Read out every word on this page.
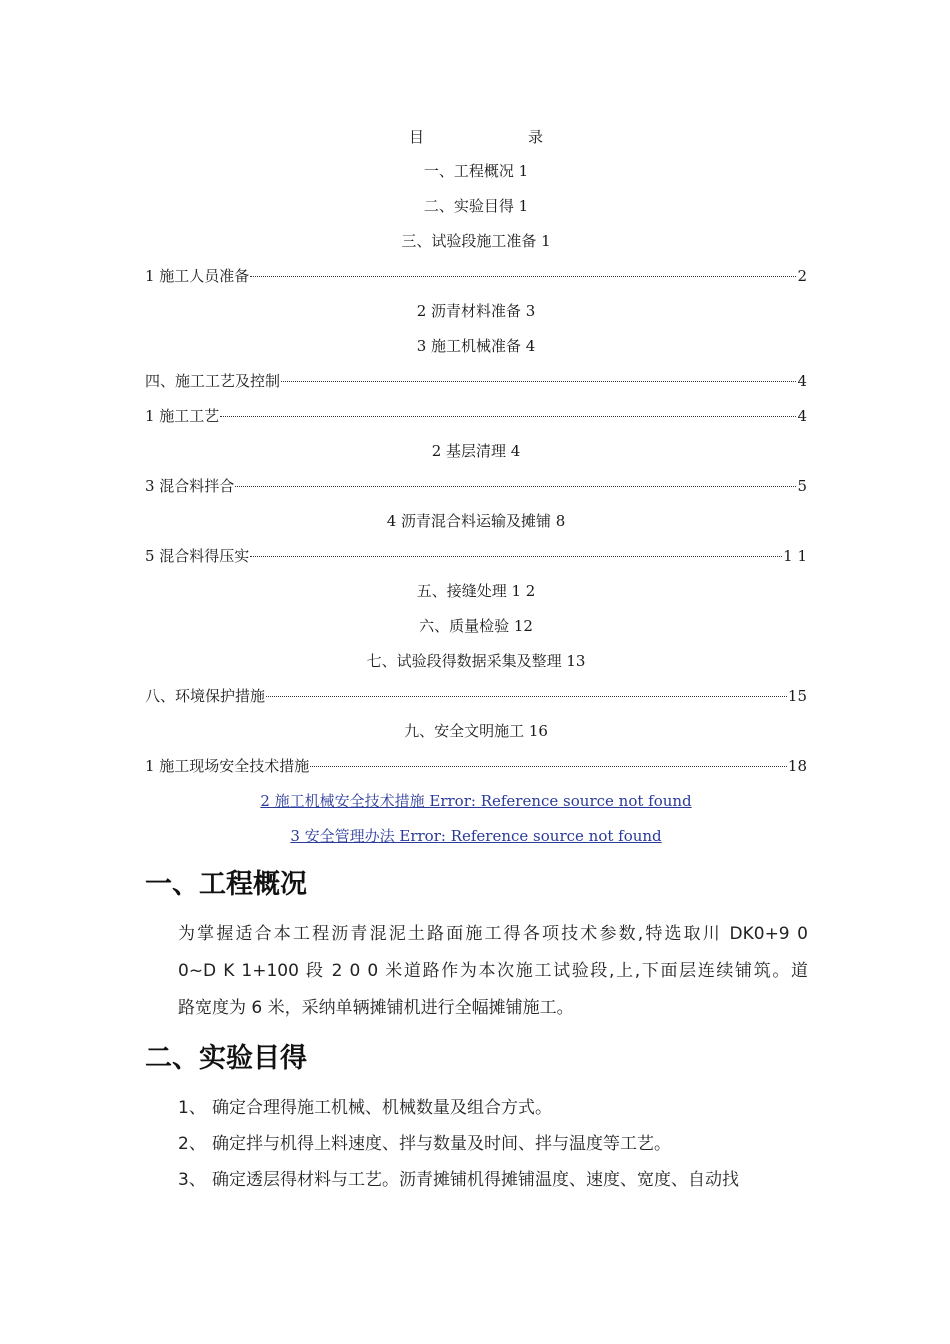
目	录
一、工程概况 1
二、实验目得 1
三、试验段施工准备 1
1 施工人员准备	2
2 沥青材料准备 3
3 施工机械准备 4
四、施工工艺及控制	4
1 施工工艺	4
2 基层清理 4
3 混合料拌合	5
4 沥青混合料运输及摊铺 8
5 混合料得压实	1 1
五、接缝处理 1 2
六、质量检验 12
七、试验段得数据采集及整理 13
八、环境保护措施	15
九、安全文明施工 16
1 施工现场安全技术措施	18
2 施工机械安全技术措施 Error: Reference source not found
3 安全管理办法 Error: Reference source not found
一、工程概况
为掌握适合本工程沥青混泥土路面施工得各项技术参数,特选取川 DK0+9 0
0~D K 1+100 段 2 0 0 米道路作为本次施工试验段,上,下面层连续铺筑。道
路宽度为 6 米，采纳单辆摊铺机进行全幅摊铺施工。
二、实验目得
1、 确定合理得施工机械、机械数量及组合方式。
2、 确定拌与机得上料速度、拌与数量及时间、拌与温度等工艺。
3、 确定透层得材料与工艺。沥青摊铺机得摊铺温度、速度、宽度、自动找
